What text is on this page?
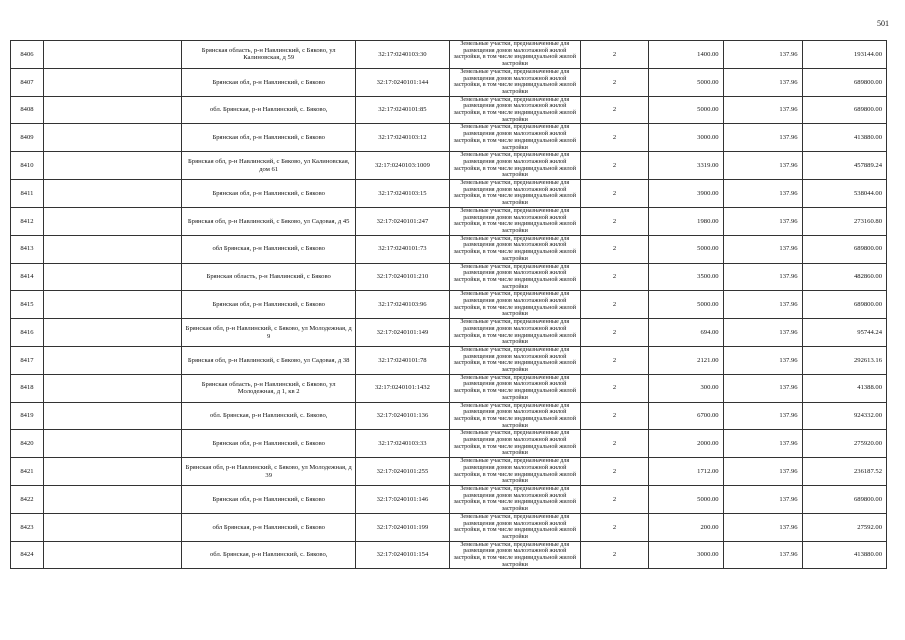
501
8406		Брянская область, р-н Навлинский, с Бяково, ул Калиновская, д 59	32:17:0240103:30	Земельные участки, предназначенные для размещения домов малоэтажной жилой застройки, в том числе индивидуальной жилой застройки	2	1400.00	137.96	193144.00
8407		Брянская обл, р-н Навлинский, с Бяково	32:17:0240101:144	Земельные участки, предназначенные для размещения домов малоэтажной жилой застройки, в том числе индивидуальной жилой застройки	2	5000.00	137.96	689800.00
8408		обл. Брянская, р-н Навлинский, с. Бяково,	32:17:0240101:85	Земельные участки, предназначенные для размещения домов малоэтажной жилой застройки, в том числе индивидуальной жилой застройки	2	5000.00	137.96	689800.00
8409		Брянская обл, р-н Навлинский, с Бяково	32:17:0240103:12	Земельные участки, предназначенные для размещения домов малоэтажной жилой застройки, в том числе индивидуальной жилой застройки	2	3000.00	137.96	413880.00
8410		Брянская обл, р-н Навлинский, с Бяково, ул Калиновская, дом 61	32:17:0240103:1009	Земельные участки, предназначенные для размещения домов малоэтажной жилой застройки, в том числе индивидуальной жилой застройки	2	3319.00	137.96	457889.24
8411		Брянская обл, р-н Навлинский, с Бяково	32:17:0240103:15	Земельные участки, предназначенные для размещения домов малоэтажной жилой застройки, в том числе индивидуальной жилой застройки	2	3900.00	137.96	538044.00
8412		Брянская обл, р-н Навлинский, с Бяково, ул Садовая, д 45	32:17:0240101:247	Земельные участки, предназначенные для размещения домов малоэтажной жилой застройки, в том числе индивидуальной жилой застройки	2	1980.00	137.96	273160.80
8413		обл Брянская, р-н Навлинский, с Бяково	32:17:0240101:73	Земельные участки, предназначенные для размещения домов малоэтажной жилой застройки, в том числе индивидуальной жилой застройки	2	5000.00	137.96	689800.00
8414		Брянская область, р-н Навлинский, с Бяково	32:17:0240101:210	Земельные участки, предназначенные для размещения домов малоэтажной жилой застройки, в том числе индивидуальной жилой застройки	2	3500.00	137.96	482860.00
8415		Брянская обл, р-н Навлинский, с Бяково	32:17:0240103:96	Земельные участки, предназначенные для размещения домов малоэтажной жилой застройки, в том числе индивидуальной жилой застройки	2	5000.00	137.96	689800.00
8416		Брянская обл, р-н Навлинский, с Бяково, ул Молодежная, д 9	32:17:0240101:149	Земельные участки, предназначенные для размещения домов малоэтажной жилой застройки, в том числе индивидуальной жилой застройки	2	694.00	137.96	95744.24
8417		Брянская обл, р-н Навлинский, с Бяково, ул Садовая, д 38	32:17:0240101:78	Земельные участки, предназначенные для размещения домов малоэтажной жилой застройки, в том числе индивидуальной жилой застройки	2	2121.00	137.96	292613.16
8418		Брянская область, р-н Навлинский, с Бяково, ул Молодежная, д 1, кв 2	32:17:0240101:1432	Земельные участки, предназначенные для размещения домов малоэтажной жилой застройки, в том числе индивидуальной жилой застройки	2	300.00	137.96	41388.00
8419		обл. Брянская, р-н Навлинский, с. Бяково,	32:17:0240101:136	Земельные участки, предназначенные для размещения домов малоэтажной жилой застройки, в том числе индивидуальной жилой застройки	2	6700.00	137.96	924332.00
8420		Брянская обл, р-н Навлинский, с Бяково	32:17:0240103:33	Земельные участки, предназначенные для размещения домов малоэтажной жилой застройки, в том числе индивидуальной жилой застройки	2	2000.00	137.96	275920.00
8421		Брянская обл, р-н Навлинский, с Бяково, ул Молодежная, д 39	32:17:0240101:255	Земельные участки, предназначенные для размещения домов малоэтажной жилой застройки, в том числе индивидуальной жилой застройки	2	1712.00	137.96	236187.52
8422		Брянская обл, р-н Навлинский, с Бяково	32:17:0240101:146	Земельные участки, предназначенные для размещения домов малоэтажной жилой застройки, в том числе индивидуальной жилой застройки	2	5000.00	137.96	689800.00
8423		обл Брянская, р-н Навлинский, с Бяково	32:17:0240101:199	Земельные участки, предназначенные для размещения домов малоэтажной жилой застройки, в том числе индивидуальной жилой застройки	2	200.00	137.96	27592.00
8424		обл. Брянская, р-н Навлинский, с. Бяково,	32:17:0240101:154	Земельные участки, предназначенные для размещения домов малоэтажной жилой застройки, в том числе индивидуальной жилой застройки	2	3000.00	137.96	413880.00
